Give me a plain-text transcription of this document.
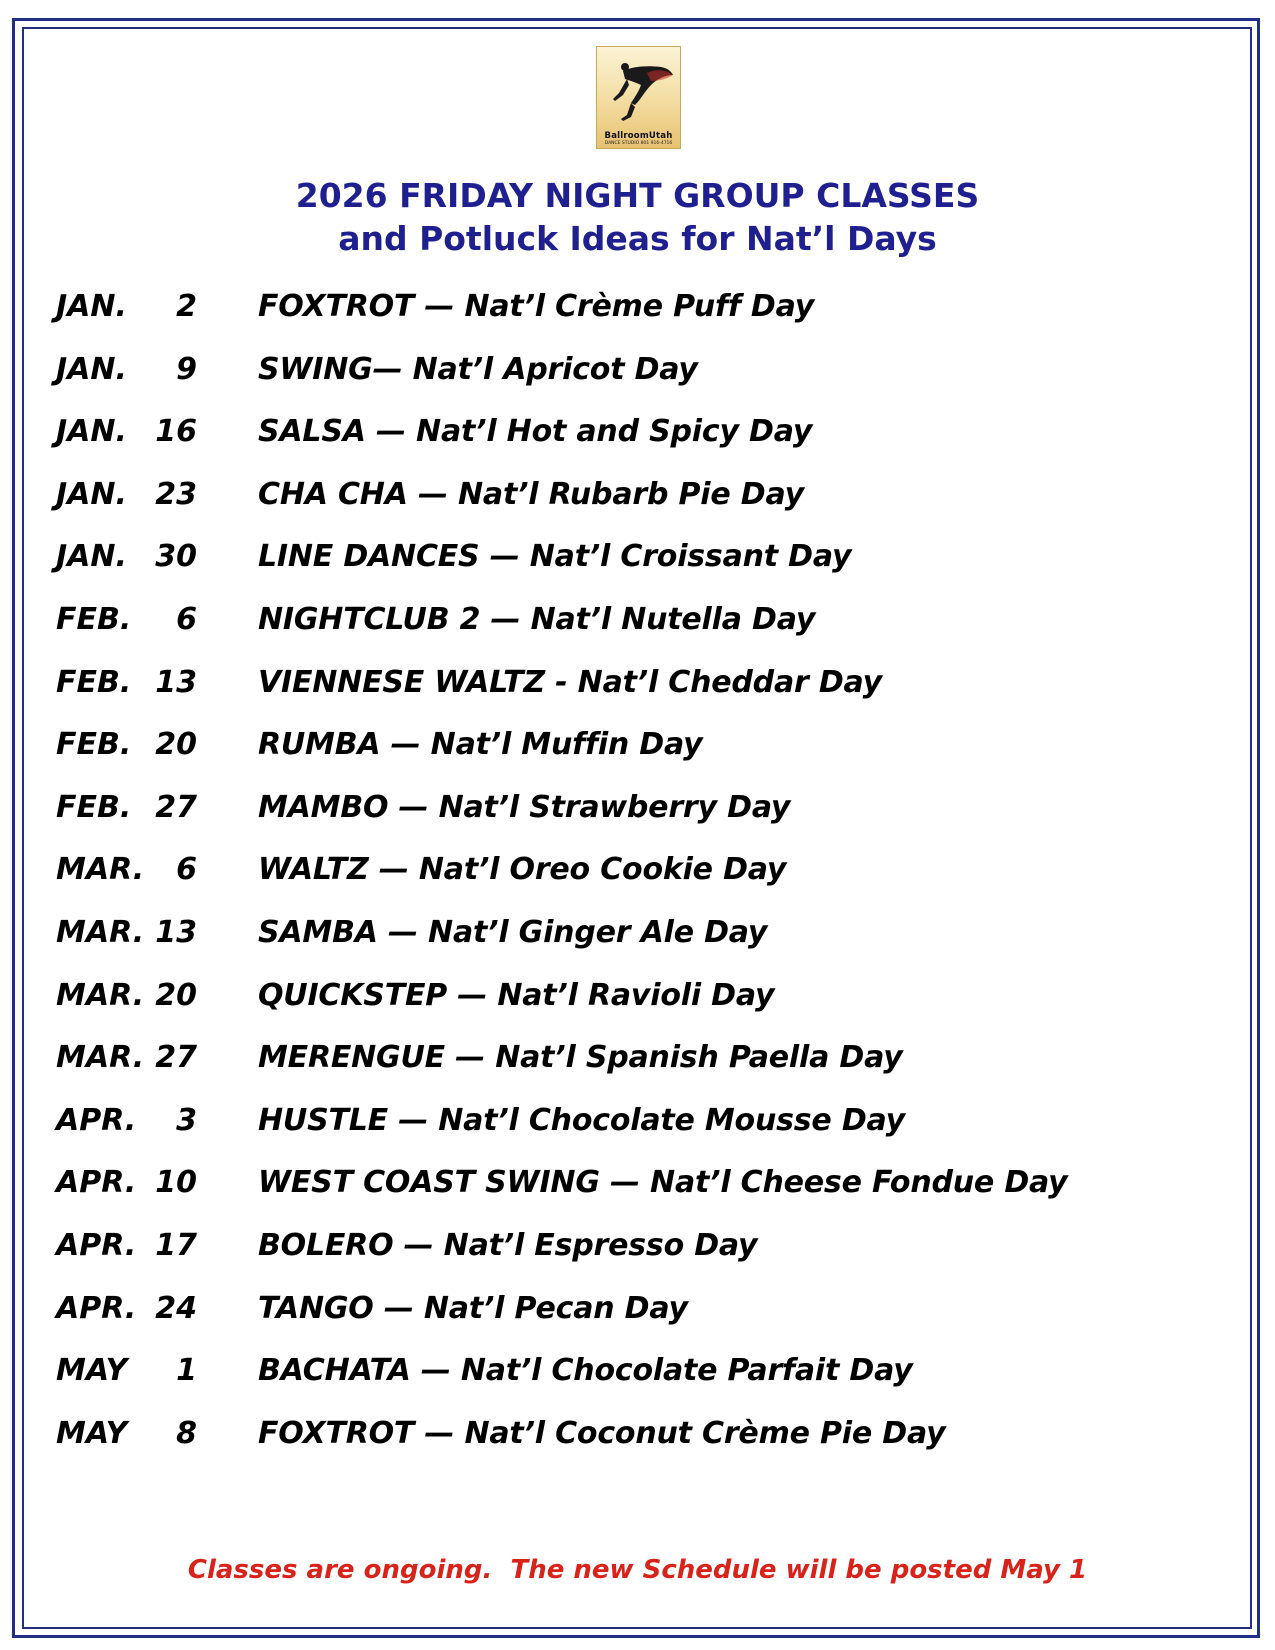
BallroomUtah
DANCE STUDIO 801 916-4716
2026 FRIDAY NIGHT GROUP CLASSES
and Potluck Ideas for Nat’l Days
JAN.	2 FOXTROT — Nat’l Crème Puff Day
JAN.	9 SWING— Nat’l Apricot Day
JAN. 16 SALSA — Nat’l Hot and Spicy Day
JAN. 23 CHA CHA — Nat’l Rubarb Pie Day
JAN. 30 LINE DANCES — Nat’l Croissant Day
FEB.	6 NIGHTCLUB 2 — Nat’l Nutella Day
FEB. 13 VIENNESE WALTZ - Nat’l Cheddar Day
FEB. 20 RUMBA — Nat’l Muffin Day
FEB. 27 MAMBO — Nat’l Strawberry Day
MAR.	6 WALTZ — Nat’l Oreo Cookie Day
MAR. 13 SAMBA — Nat’l Ginger Ale Day
MAR. 20 QUICKSTEP — Nat’l Ravioli Day
MAR. 27 MERENGUE — Nat’l Spanish Paella Day
APR.	3 HUSTLE — Nat’l Chocolate Mousse Day
APR. 10 WEST COAST SWING — Nat’l Cheese Fondue Day
APR. 17 BOLERO — Nat’l Espresso Day
APR. 24 TANGO — Nat’l Pecan Day
MAY	1 BACHATA — Nat’l Chocolate Parfait Day
MAY	8 FOXTROT — Nat’l Coconut Crème Pie Day
Classes are ongoing.  The new Schedule will be posted May 1
